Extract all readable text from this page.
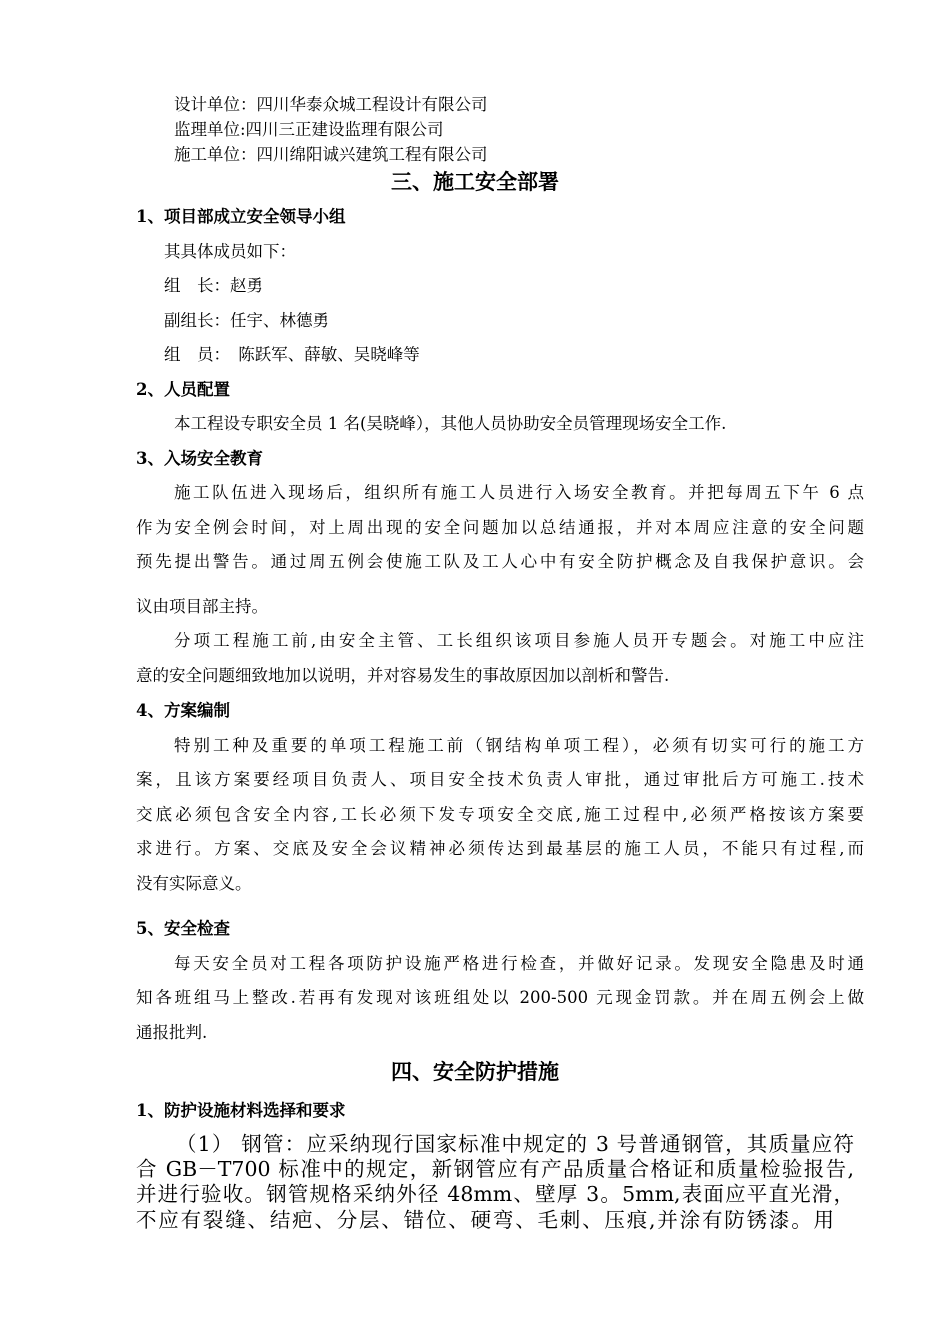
设计单位：四川华泰众城工程设计有限公司
监理单位:四川三正建设监理有限公司
施工单位：四川绵阳诚兴建筑工程有限公司
三、施工安全部署
1、项目部成立安全领导小组
其具体成员如下：
组　长：赵勇
副组长：任宇、林德勇
组　员：　陈跃军、薛敏、吴晓峰等
2、人员配置
本工程设专职安全员 1 名(吴晓峰），其他人员协助安全员管理现场安全工作.
3、入场安全教育
施工队伍进入现场后，组织所有施工人员进行入场安全教育。并把每周五下午 6 点
作为安全例会时间，对上周出现的安全问题加以总结通报，并对本周应注意的安全问题
预先提出警告。通过周五例会使施工队及工人心中有安全防护概念及自我保护意识。会
议由项目部主持。
分项工程施工前,由安全主管、工长组织该项目参施人员开专题会。对施工中应注
意的安全问题细致地加以说明，并对容易发生的事故原因加以剖析和警告.
4、方案编制
特别工种及重要的单项工程施工前（钢结构单项工程），必须有切实可行的施工方
案，且该方案要经项目负责人、项目安全技术负责人审批，通过审批后方可施工.技术
交底必须包含安全内容,工长必须下发专项安全交底,施工过程中,必须严格按该方案要
求进行。方案、交底及安全会议精神必须传达到最基层的施工人员，不能只有过程,而
没有实际意义。
5、安全检查
每天安全员对工程各项防护设施严格进行检查，并做好记录。发现安全隐患及时通
知各班组马上整改.若再有发现对该班组处以 200-500 元现金罚款。并在周五例会上做
通报批判.
四、安全防护措施
1、防护设施材料选择和要求
（1） 钢管：应采纳现行国家标准中规定的 3 号普通钢管，其质量应符
合 GB－T700 标准中的规定，新钢管应有产品质量合格证和质量检验报告,
并进行验收。钢管规格采纳外径 48mm、壁厚 3。5mm,表面应平直光滑，
不应有裂缝、结疤、分层、错位、硬弯、毛刺、压痕,并涂有防锈漆。用
